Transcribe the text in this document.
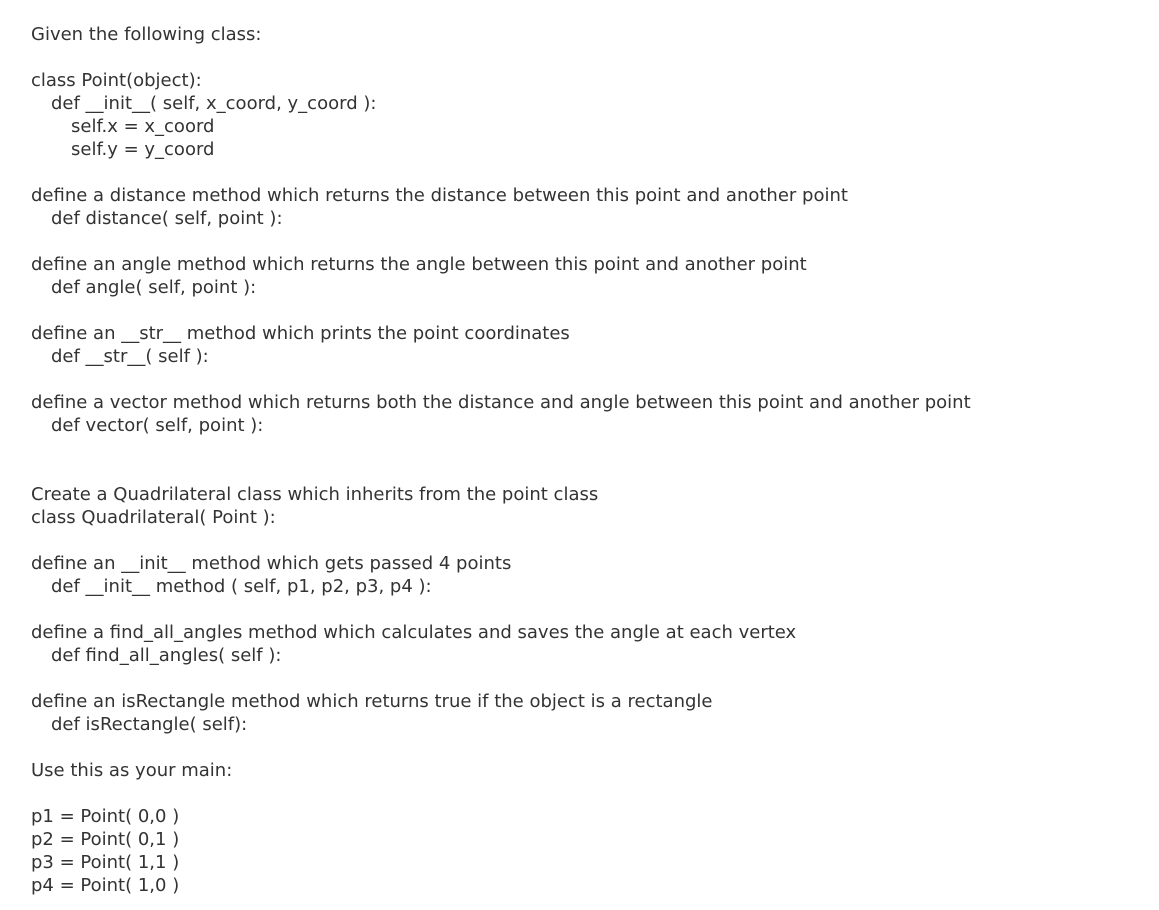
Given the following class:

class Point(object):

def __init__( self, x_coord, y_coord ):

self.x = x_coord

self.y = y_coord

define a distance method which returns the distance between this point and another point

def distance( self, point ):

define an angle method which returns the angle between this point and another point

def angle( self, point ):

define an __str__ method which prints the point coordinates

def __str__( self ):

define a vector method which returns both the distance and angle between this point and another point

def vector( self, point ):

Create a Quadrilateral class which inherits from the point class

class Quadrilateral( Point ):

define an __init__ method which gets passed 4 points

def __init__ method ( self, p1, p2, p3, p4 ):

define a find_all_angles method which calculates and saves the angle at each vertex

def find_all_angles( self ):

define an isRectangle method which returns true if the object is a rectangle

def isRectangle( self):

Use this as your main:

p1 = Point( 0,0 )

p2 = Point( 0,1 )

p3 = Point( 1,1 )

p4 = Point( 1,0 )
